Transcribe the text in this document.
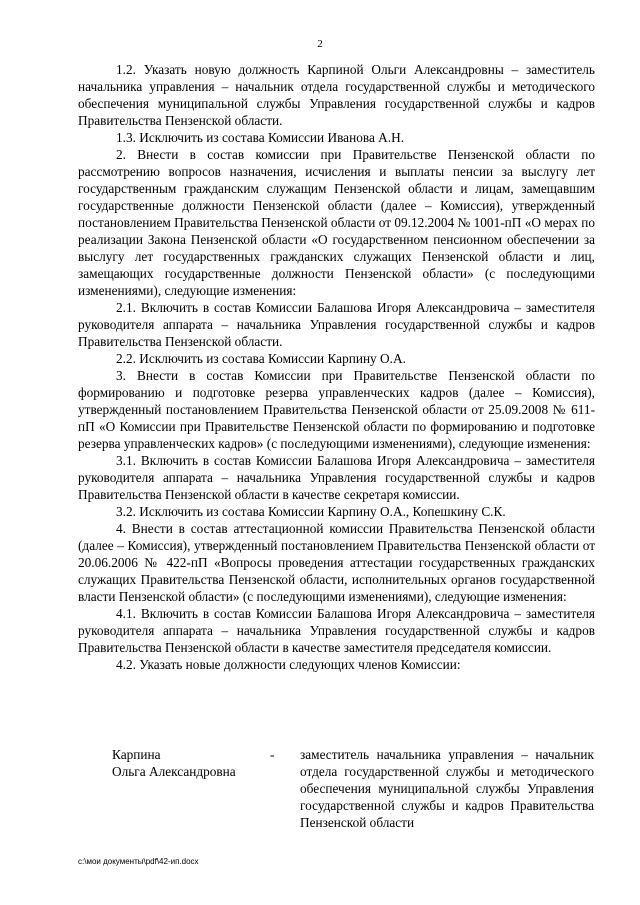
2

1.2. Указать новую должность Карпиной Ольги Александровны – заместитель начальника управления – начальник отдела государственной службы и методического обеспечения муниципальной службы Управления государственной службы и кадров Правительства Пензенской области.

1.3. Исключить из состава Комиссии Иванова А.Н.

2. Внести в состав комиссии при Правительстве Пензенской области по рассмотрению вопросов назначения, исчисления и выплаты пенсии за выслугу лет государственным гражданским служащим Пензенской области и лицам, замещавшим государственные должности Пензенской области (далее – Комиссия), утвержденный постановлением Правительства Пензенской области от 09.12.2004 № 1001-пП «О мерах по реализации Закона Пензенской области «О государственном пенсионном обеспечении за выслугу лет государственных гражданских служащих Пензенской области и лиц, замещающих государственные должности Пензенской области» (с последующими изменениями), следующие изменения:

2.1. Включить в состав Комиссии Балашова Игоря Александровича – заместителя руководителя аппарата – начальника Управления государственной службы и кадров Правительства Пензенской области.

2.2. Исключить из состава Комиссии Карпину О.А.

3. Внести в состав Комиссии при Правительстве Пензенской области по формированию и подготовке резерва управленческих кадров (далее – Комиссия), утвержденный постановлением Правительства Пензенской области от 25.09.2008 № 611-пП «О Комиссии при Правительстве Пензенской области по формированию и подготовке резерва управленческих кадров» (с последующими изменениями), следующие изменения:

3.1. Включить в состав Комиссии Балашова Игоря Александровича – заместителя руководителя аппарата – начальника Управления государственной службы и кадров Правительства Пензенской области в качестве секретаря комиссии.

3.2. Исключить из состава Комиссии Карпину О.А., Копешкину С.К.

4. Внести в состав аттестационной комиссии Правительства Пензенской области (далее – Комиссия), утвержденный постановлением Правительства Пензенской области от 20.06.2006 № 422-пП «Вопросы проведения аттестации государственных гражданских служащих Правительства Пензенской области, исполнительных органов государственной власти Пензенской области» (с последующими изменениями), следующие изменения:

4.1. Включить в состав Комиссии Балашова Игоря Александровича – заместителя руководителя аппарата – начальника Управления государственной службы и кадров Правительства Пензенской области в качестве заместителя председателя комиссии.

4.2. Указать новые должности следующих членов Комиссии:

Карпина
Ольга Александровна
-	заместитель начальника управления – начальник отдела государственной службы и методического обеспечения муниципальной службы Управления государственной службы и кадров Правительства Пензенской области
c:\мои документы\pdf\42-ип.docx
